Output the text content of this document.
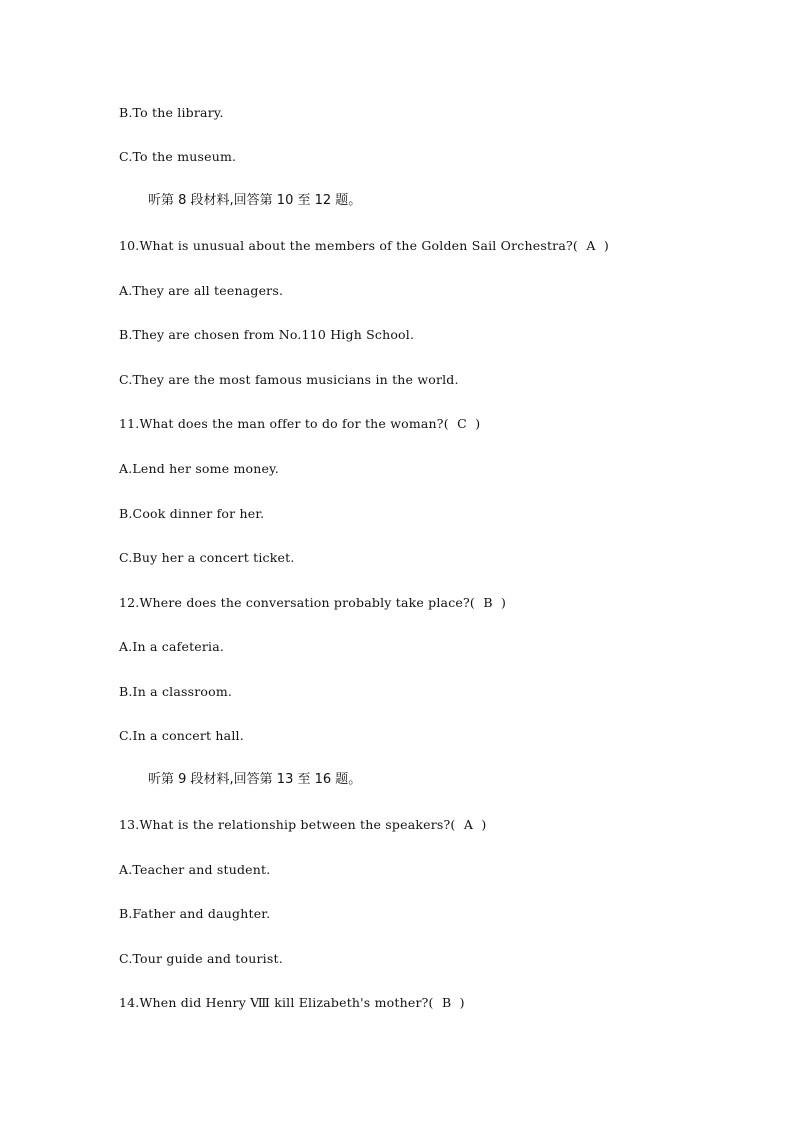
B.To the library.
C.To the museum.
听第 8 段材料,回答第 10 至 12 题。
10.What is unusual about the members of the Golden Sail Orchestra?(  A  )
A.They are all teenagers.
B.They are chosen from No.110 High School.
C.They are the most famous musicians in the world.
11.What does the man offer to do for the woman?(  C  )
A.Lend her some money.
B.Cook dinner for her.
C.Buy her a concert ticket.
12.Where does the conversation probably take place?(  B  )
A.In a cafeteria.
B.In a classroom.
C.In a concert hall.
听第 9 段材料,回答第 13 至 16 题。
13.What is the relationship between the speakers?(  A  )
A.Teacher and student.
B.Father and daughter.
C.Tour guide and tourist.
14.When did Henry Ⅷ kill Elizabeth's mother?(  B  )
